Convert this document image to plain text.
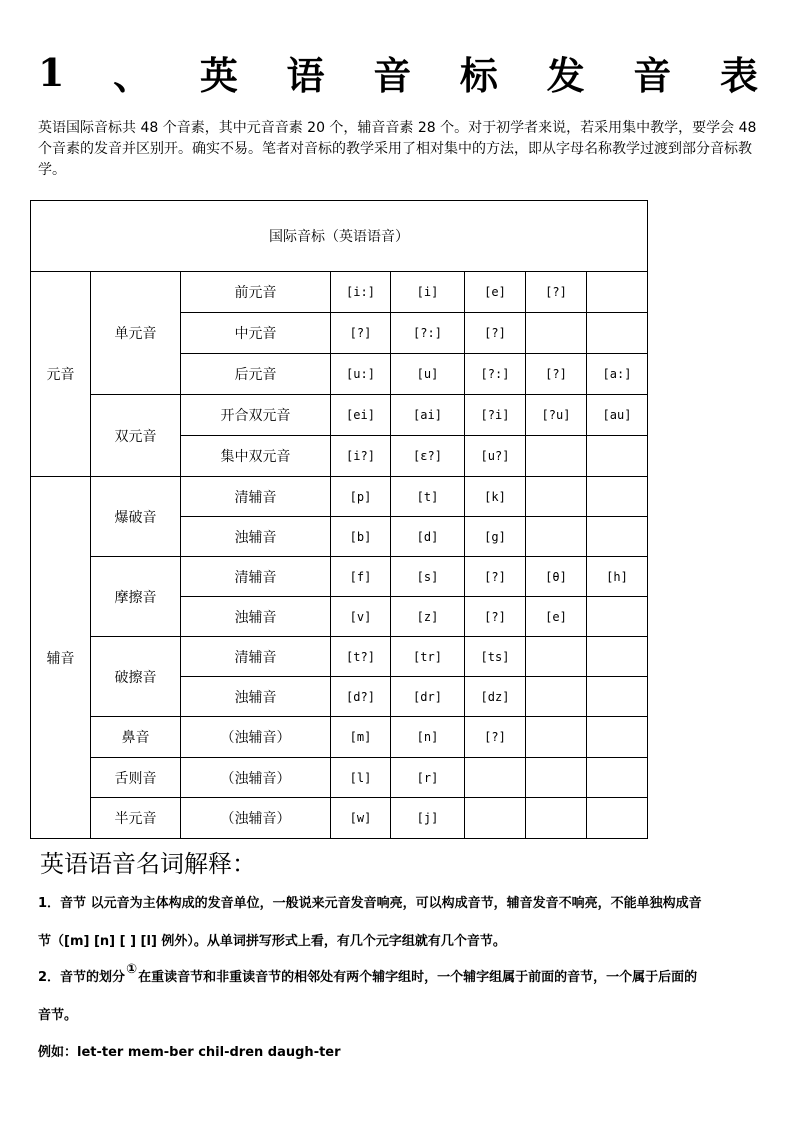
1 、 英 语 音 标 发 音 表
英语国际音标共 48 个音素，其中元音音素 20 个，辅音音素 28 个。对于初学者来说，若采用集中教学，要学会 48 个音素的发音并区别开。确实不易。笔者对音标的教学采用了相对集中的方法，即从字母名称教学过渡到部分音标教学。
国际音标（英语语音）							
元音	单元音	前元音	[i:]	[i]	[e]	[?]	
		中元音	[?]	[?:]	[?]		
		后元音	[u:]	[u]	[?:]	[?]	[a:]
	双元音	开合双元音	[ei]	[ai]	[?i]	[?u]	[au]
		集中双元音	[i?]	[ɛ?]	[u?]		
辅音	爆破音	清辅音	[p]	[t]	[k]		
		浊辅音	[b]	[d]	[g]		
	摩擦音	清辅音	[f]	[s]	[?]	[θ]	[h]
		浊辅音	[v]	[z]	[?]	[e]	
	破擦音	清辅音	[t?]	[tr]	[ts]		
		浊辅音	[d?]	[dr]	[dz]		
	鼻音	（浊辅音）	[m]	[n]	[?]		
	舌则音	（浊辅音）	[l]	[r]			
	半元音	（浊辅音）	[w]	[j]			
英语语音名词解释：
1．音节 以元音为主体构成的发音单位，一般说来元音发音响亮，可以构成音节，辅音发音不响亮，不能单独构成音
节（[m] [n] [ ] [l] 例外）。从单词拼写形式上看，有几个元字组就有几个音节。
2．音节的划分①在重读音节和非重读音节的相邻处有两个辅字组时，一个辅字组属于前面的音节，一个属于后面的
音节。
例如：let-ter mem-ber chil-dren daugh-ter
